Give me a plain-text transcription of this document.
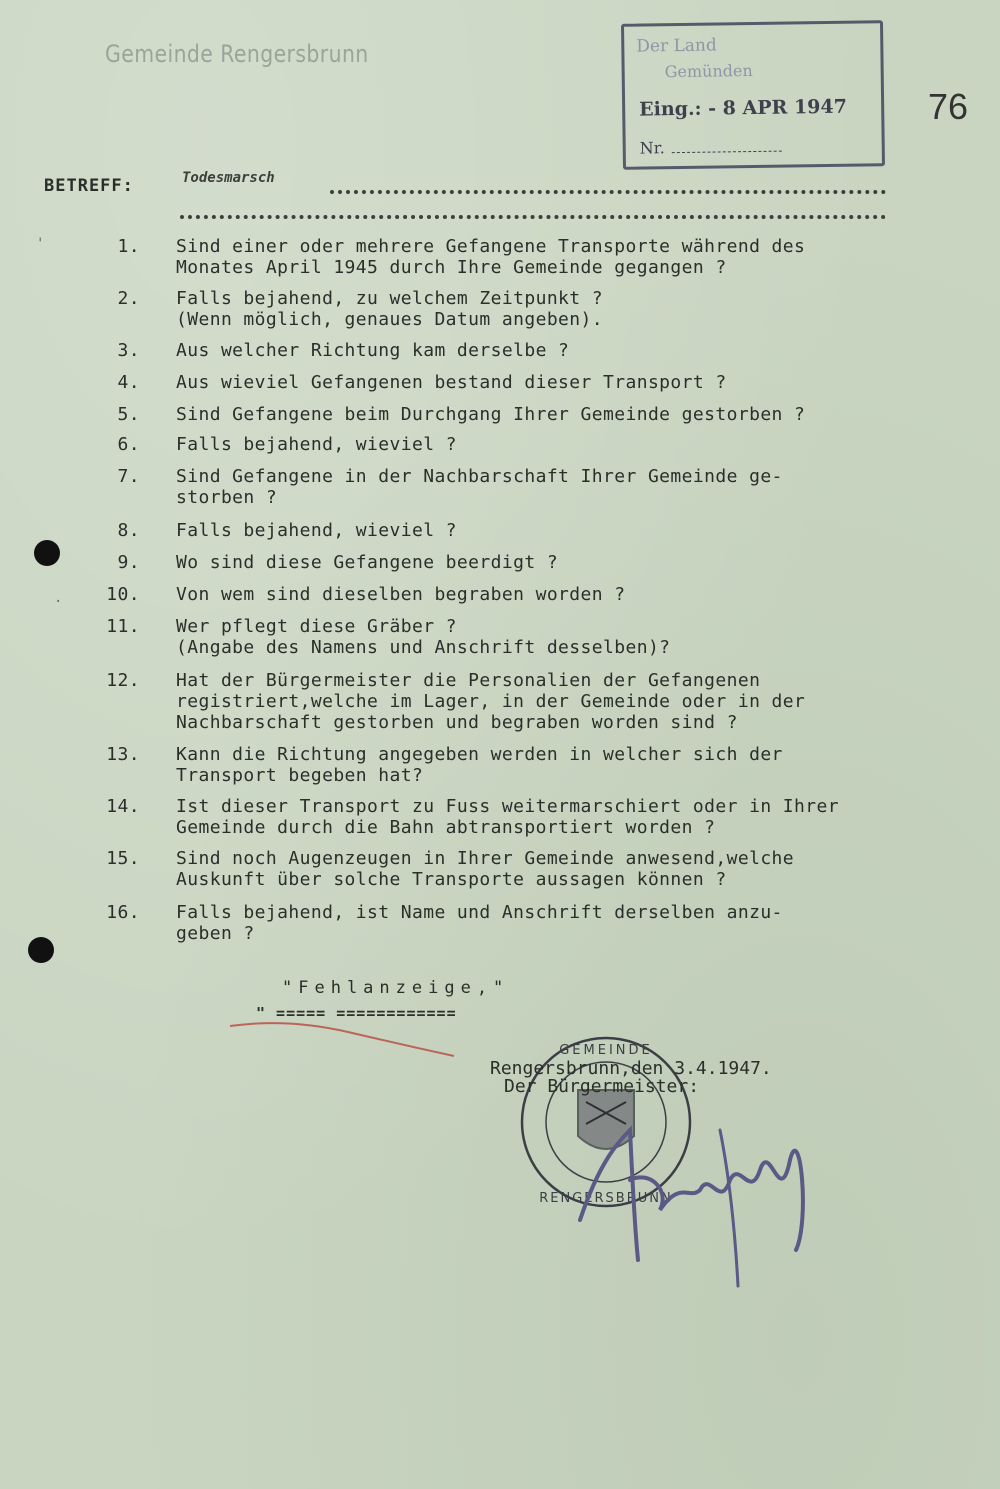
Gemeinde Rengersbrunn	Der Land
Gemünden
Eing.: - 8 APR 1947
Nr.
76
BETREFF:	Todesmarsch
1. Sind einer oder mehrere Gefangene Transporte während des
Monates April 1945 durch Ihre Gemeinde gegangen ?
2. Falls bejahend, zu welchem Zeitpunkt ?
(Wenn möglich, genaues Datum angeben).
3. Aus welcher Richtung kam derselbe ?
4. Aus wieviel Gefangenen bestand dieser Transport ?
5. Sind Gefangene beim Durchgang Ihrer Gemeinde gestorben ?
6. Falls bejahend, wieviel ?
7. Sind Gefangene in der Nachbarschaft Ihrer Gemeinde ge-
storben ?
8. Falls bejahend, wieviel ?
9. Wo sind diese Gefangene beerdigt ?
10. Von wem sind dieselben begraben worden ?
11. Wer pflegt diese Gräber ?
(Angabe des Namens und Anschrift desselben)?
12. Hat der Bürgermeister die Personalien der Gefangenen
registriert,welche im Lager, in der Gemeinde oder in der
Nachbarschaft gestorben und begraben worden sind ?
13. Kann die Richtung angegeben werden in welcher sich der
Transport begeben hat?
14. Ist dieser Transport zu Fuss weitermarschiert oder in Ihrer
Gemeinde durch die Bahn abtransportiert worden ?
15. Sind noch Augenzeugen in Ihrer Gemeinde anwesend,welche
Auskunft über solche Transporte aussagen können ?
16. Falls bejahend, ist Name und Anschrift derselben anzu-
geben ?
"Fehlanzeige,"
" ===== ============
GEMEINDE
RENGERSBRUNN
Rengersbrunn,den 3.4.1947.
Der Bürgermeister:
'
.
